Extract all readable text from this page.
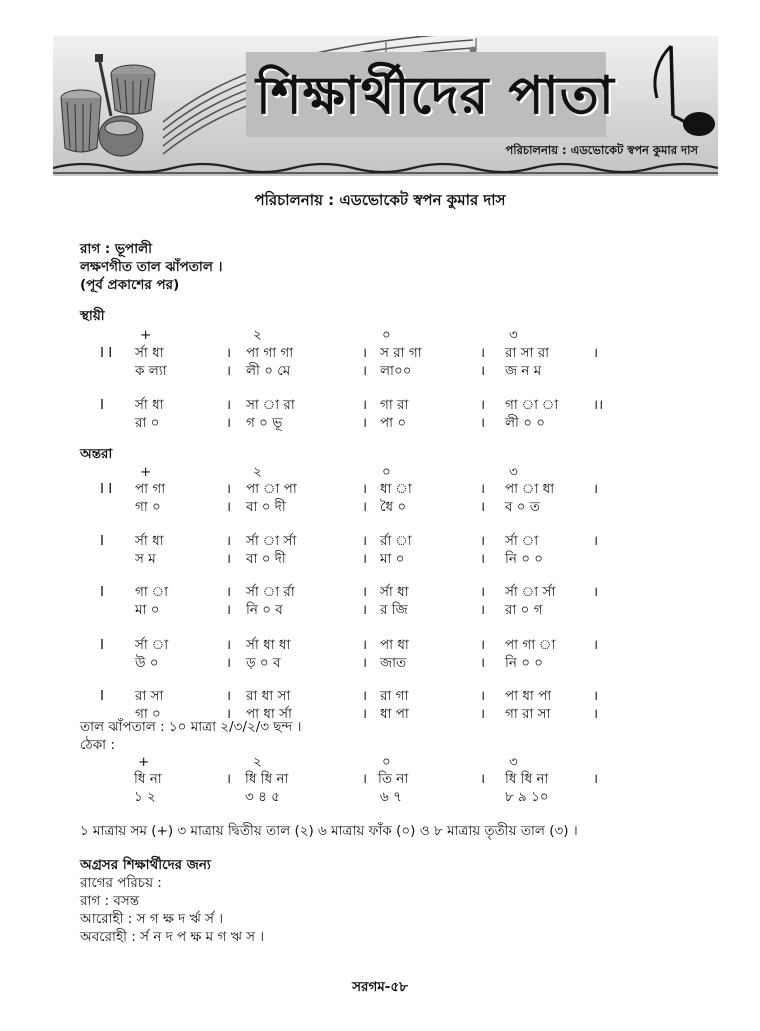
শিক্ষার্থীদের পাতা
পরিচালনায় : এডভোকেট স্বপন কুমার দাস
পরিচালনায় : এডভোকেট স্বপন কুমার দাস
রাগ : ভূপালী
লক্ষণগীত তাল ঝাঁপতাল ।
(পূর্ব প্রকাশের পর)
স্থায়ী
+	২	০	৩
I I র্সা ধা	। পা গা গা	। স রা গা	। রা সা রা	।
ক ল্যা	। লী ০ মে	। লা০০	। জ ন ম
I র্সা ধা	। সা া রা	। গা রা	। গা া া	।।
রা ০	। গ ০ ভূ	। পা ০	। লী ০ ০
অন্তরা
+	২	০	৩
I I পা গা	। পা া পা	। ধা া	। পা া ধা	।
গা ০	। বা ০ দী	। ধৈ ০	। ব ০ ত
I র্সা ধা	। র্সা া র্সা	। র্রা া	। র্সা া	।
স ম	। বা ০ দী	। মা ০	। নি ০ ০
I গা া	। র্সা া র্রা	। র্সা ধা	। র্সা া র্সা	।
মা ০	। নি ০ ব	। র জি	। রা ০ গ
I র্সা া	। র্সা ধা ধা	। পা ধা	। পা গা া	।
উ ০	। ড় ০ ব	। জাত	। নি ০ ০
I রা সা	। রা ধা সা	। রা গা	। পা ধা পা	।
গা ০	। পা ধা র্সা	। ধা পা	। গা রা সা	।
তাল ঝাঁপতাল : ১০ মাত্রা ২/৩/২/৩ ছন্দ ।
ঠেকা :
+	২	০	৩
ধি না	। ধি ধি না	। তি না	। ধি ধি না	।
১ ২	৩ ৪ ৫	৬ ৭	৮ ৯ ১০
১ মাত্রায় সম (+) ৩ মাত্রায় দ্বিতীয় তাল (২) ৬ মাত্রায় ফাঁক (০) ও ৮ মাত্রায় তৃতীয় তাল (৩) ।
অগ্রসর শিক্ষার্থীদের জন্য
রাগের পরিচয় :
রাগ : বসন্ত
আরোহী : স গ ক্ষ দ র্ঋ র্স ।
অবরোহী : র্স ন দ প ক্ষ ম গ ঋ স ।
সরগম-৫৮
